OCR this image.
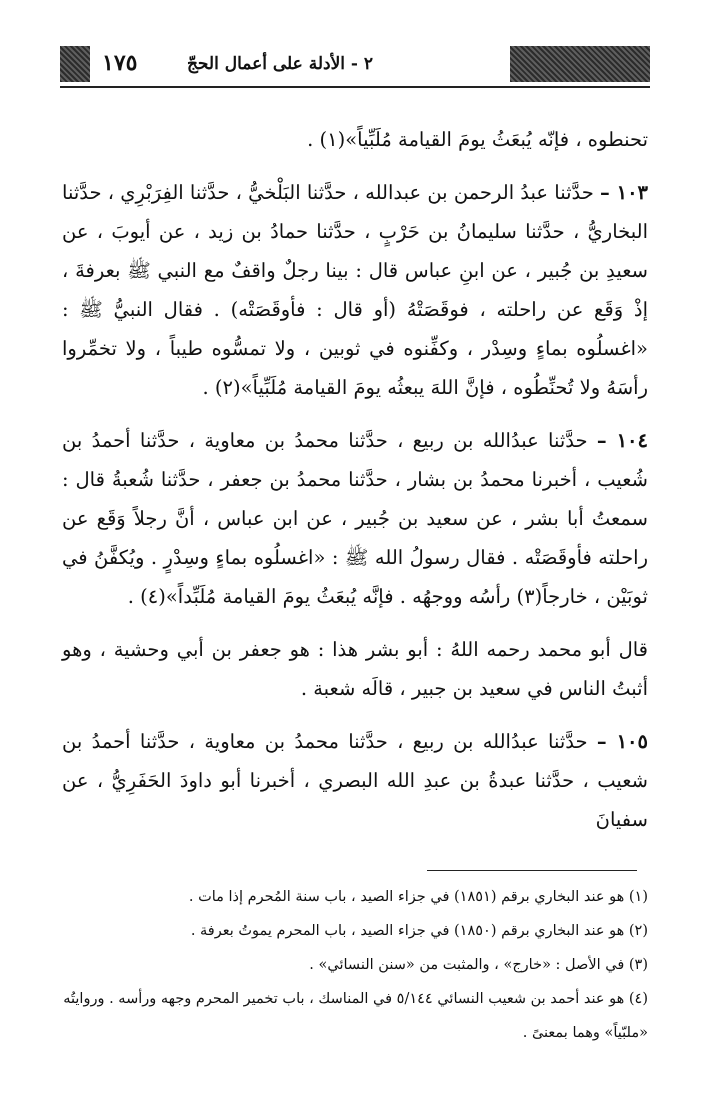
١٧٥	٢ - الأدلة على أعمال الحجّ

تحنطوه ، فإنّه يُبعَثُ يومَ القيامة مُلَبِّياً»(١) .

١٠٣ – حدَّثنا عبدُ الرحمن بن عبدالله ، حدَّثنا البَلْخيُّ ، حدَّثنا الفِرَبْرِي ، حدَّثنا البخاريُّ ، حدَّثنا سليمانُ بن حَرْبٍ ، حدَّثنا حمادُ بن زيد ، عن أيوبَ ، عن سعيدِ بن جُبير ، عن ابنِ عباس قال : بينا رجلٌ واقفٌ مع النبي ﷺ بعرفةَ ، إذْ وَقَع عن راحلته ، فوقَصَتْهُ (أو قال : فأوقَصَتْه) . فقال النبيُّ ﷺ : «اغسلُوه بماءٍ وسِدْر ، وكفِّنوه في ثوبين ، ولا تمسُّوه طيباً ، ولا تخمِّروا رأسَهُ ولا تُحنِّطُوه ، فإنَّ اللهَ يبعثُه يومَ القيامة مُلَبِّياً»(٢) .

١٠٤ – حدَّثنا عبدُالله بن ربيع ، حدَّثنا محمدُ بن معاوية ، حدَّثنا أحمدُ بن شُعيب ، أخبرنا محمدُ بن بشار ، حدَّثنا محمدُ بن جعفر ، حدَّثنا شُعبةُ قال : سمعتُ أبا بشر ، عن سعيد بن جُبير ، عن ابن عباس ، أنَّ رجلاً وَقَع عن راحلته فأوقَصَتْه . فقال رسولُ الله ﷺ : «اغسلُوه بماءٍ وسِدْرٍ . ويُكفَّنُ في ثوبَيْن ، خارجاً(٣) رأسُه ووجهُه . فإنَّه يُبعَثُ يومَ القيامة مُلَبِّداً»(٤) .

قال أبو محمد رحمه اللهُ : أبو بشر هذا : هو جعفر بن أبي وحشية ، وهو أثبتُ الناس في سعيد بن جبير ، قالَه شعبة .

١٠٥ – حدَّثنا عبدُالله بن ربيع ، حدَّثنا محمدُ بن معاوية ، حدَّثنا أحمدُ بن شعيب ، حدَّثنا عبدةُ بن عبدِ الله البصري ، أخبرنا أبو داودَ الحَفَرِيُّ ، عن سفيانَ

(١) هو عند البخاري برقم (١٨٥١) في جزاء الصيد ، باب سنة المُحرم إذا مات .

(٢) هو عند البخاري برقم (١٨٥٠) في جزاء الصيد ، باب المحرم يموتُ بعرفة .

(٣) في الأصل : «خارج» ، والمثبت من «سنن النسائي» .

(٤) هو عند أحمد بن شعيب النسائي ٥/١٤٤ في المناسك ، باب تخمير المحرم وجهه ورأسه . وروايتُه «ملبّياً» وهما بمعنىً .
